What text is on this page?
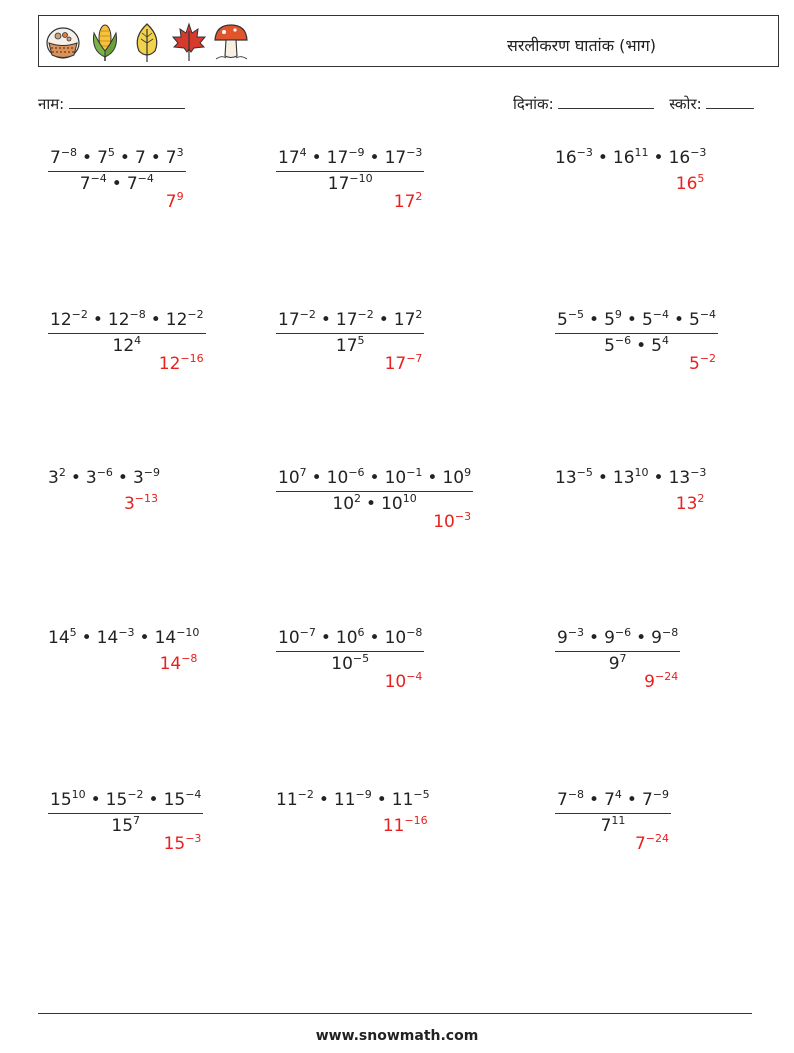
सरलीकरण घातांक (भाग)
नाम:	दिनांक:	स्कोर:
$\frac{7^{-8} • 7^5 • 7 • 7^3}{7^{-4} • 7^{-4}}$
$7^9$
$\frac{17^4 • 17^{-9} • 17^{-3}}{17^{-10}}$
$17^2$
$16^{-3}$ • $16^{11}$ • $16^{-3}$
$16^5$
$\frac{12^{-2} • 12^{-8} • 12^{-2}}{12^4}$
$12^{-16}$
$\frac{17^{-2} • 17^{-2} • 17^2}{17^5}$
$17^{-7}$
$\frac{5^{-5} • 5^9 • 5^{-4} • 5^{-4}}{5^{-6} • 5^4}$
$5^{-2}$
$3^2$ • $3^{-6}$ • $3^{-9}$
$3^{-13}$	$\frac{10^7 • 10^{-6} • 10^{-1} • 10^9}{10^2 • 10^{10}}$
$10^{-3}$
$13^{-5}$ • $13^{10}$ • $13^{-3}$
$13^2$
$14^5$ • $14^{-3}$ • $14^{-10}$
$14^{-8}$	$\frac{10^{-7} • 10^6 • 10^{-8}}{10^{-5}}$
$10^{-4}$
$\frac{9^{-3} • 9^{-6} • 9^{-8}}{9^7}$
$9^{-24}$
$\frac{15^{10} • 15^{-2} • 15^{-4}}{15^7}$
$15^{-3}$
$11^{-2}$ • $11^{-9}$ • $11^{-5}$
$11^{-16}$	$\frac{7^{-8} • 7^4 • 7^{-9}}{7^{11}}$
$7^{-24}$
www.snowmath.com
